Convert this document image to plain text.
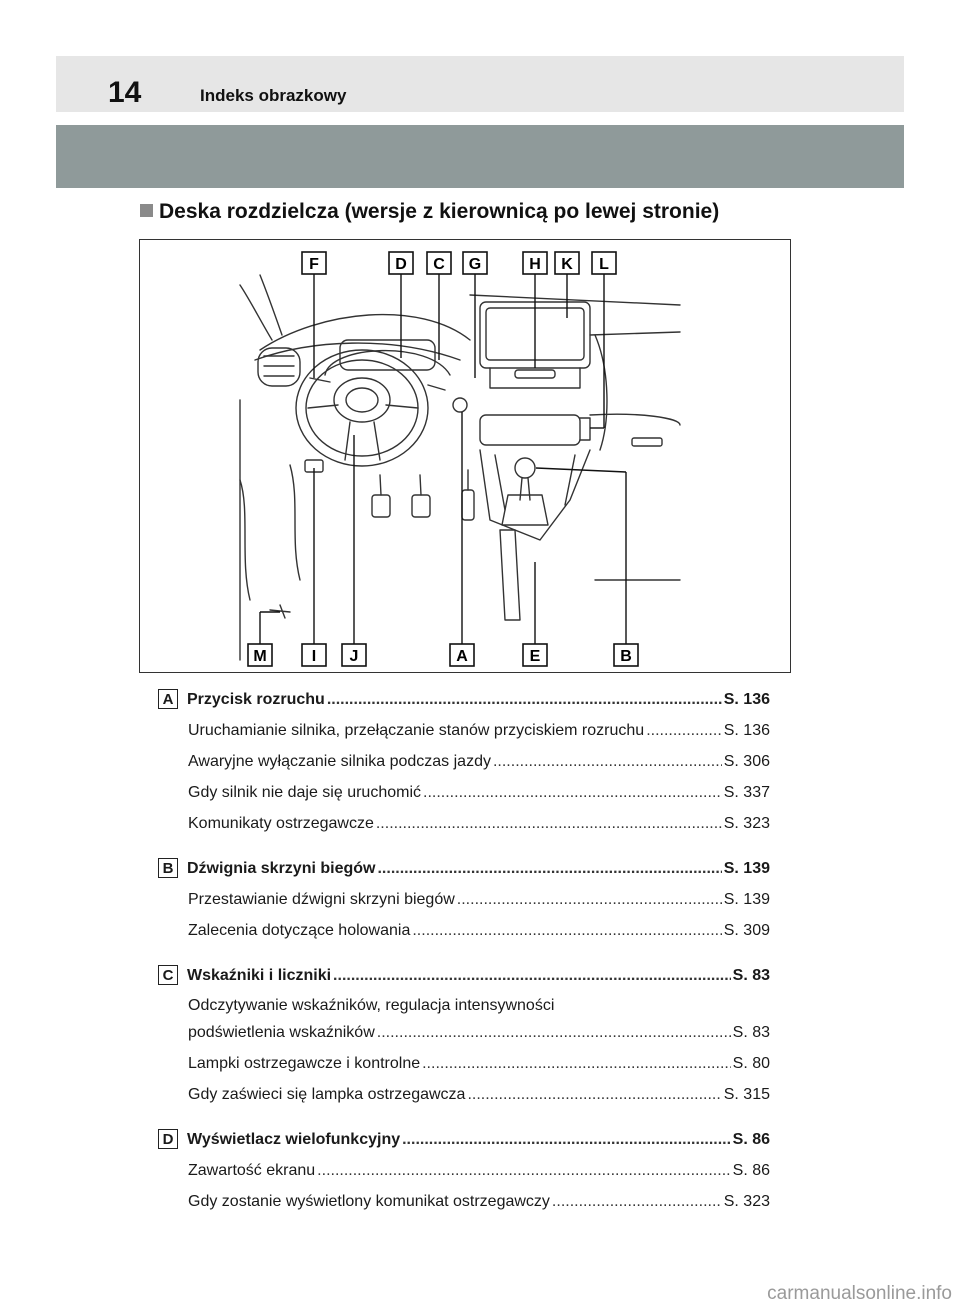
14	Indeks obrazkowy
Deska rozdzielcza (wersje z kierownicą po lewej stronie)
F	D C G	H K L
M	I J	A	E	B
A Przycisk rozruchu .....	S. 136
Uruchamianie silnika, przełączanie stanów przyciskiem rozruchu .....	S. 136
Awaryjne wyłączanie silnika podczas jazdy .....	S. 306
Gdy silnik nie daje się uruchomić .....	S. 337
Komunikaty ostrzegawcze .....	S. 323
B Dźwignia skrzyni biegów .....	S. 139
Przestawianie dźwigni skrzyni biegów .....	S. 139
Zalecenia dotyczące holowania .....	S. 309
C Wskaźniki i liczniki .....	S. 83
Odczytywanie wskaźników, regulacja intensywności
podświetlenia wskaźników .....	S. 83
Lampki ostrzegawcze i kontrolne .....	S. 80
Gdy zaświeci się lampka ostrzegawcza .....	S. 315
D Wyświetlacz wielofunkcyjny .....	S. 86
Zawartość ekranu .....	S. 86
Gdy zostanie wyświetlony komunikat ostrzegawczy .....	S. 323
carmanualsonline.info
